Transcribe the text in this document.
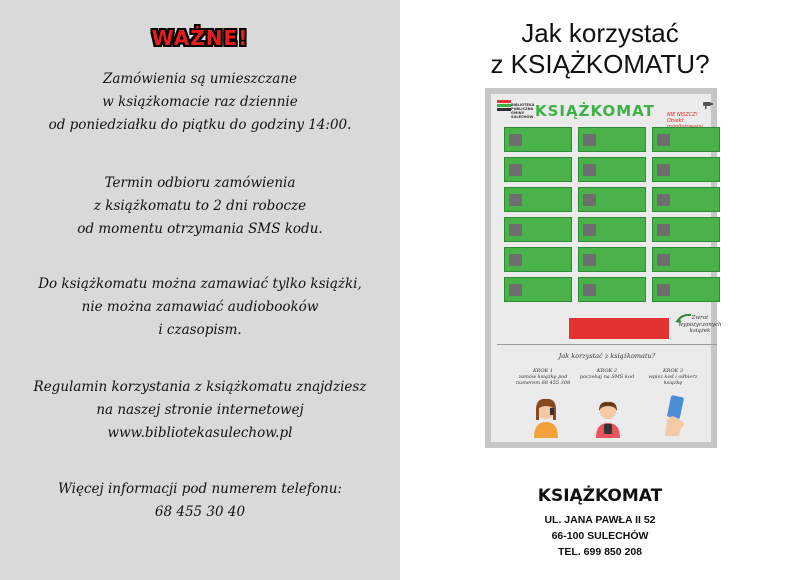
WAŻNE!
Zamówienia są umieszczane
w książkomacie raz dziennie
od poniedziałku do piątku do godziny 14:00.
Termin odbioru zamówienia
z książkomatu to 2 dni robocze
od momentu otrzymania SMS kodu.
Do książkomatu można zamawiać tylko książki,
nie można zamawiać audiobooków
i czasopism.
Regulamin korzystania z książkomatu znajdziesz
na naszej stronie internetowej
www.bibliotekasulechow.pl
Więcej informacji pod numerem telefonu:
68 455 30 40
Jak korzystać
z KSIĄŻKOMATU?
BIBLIOTEKA PUBLICZNA GMINY SULECHÓW KSIĄŻKOMAT NIE NISZCZ! Obiekt
Zwrot wypożyczonych książek
Jak korzystać z książkomatu?
KROK 1
zamów książkę pod numerem 68 455 308
KROK 2
poczekaj na SMS kod
KROK 3
wpisz kod i odbierz książkę
KSIĄŻKOMAT
UL. JANA PAWŁA II 52
66-100 SULECHÓW
TEL. 699 850 208
